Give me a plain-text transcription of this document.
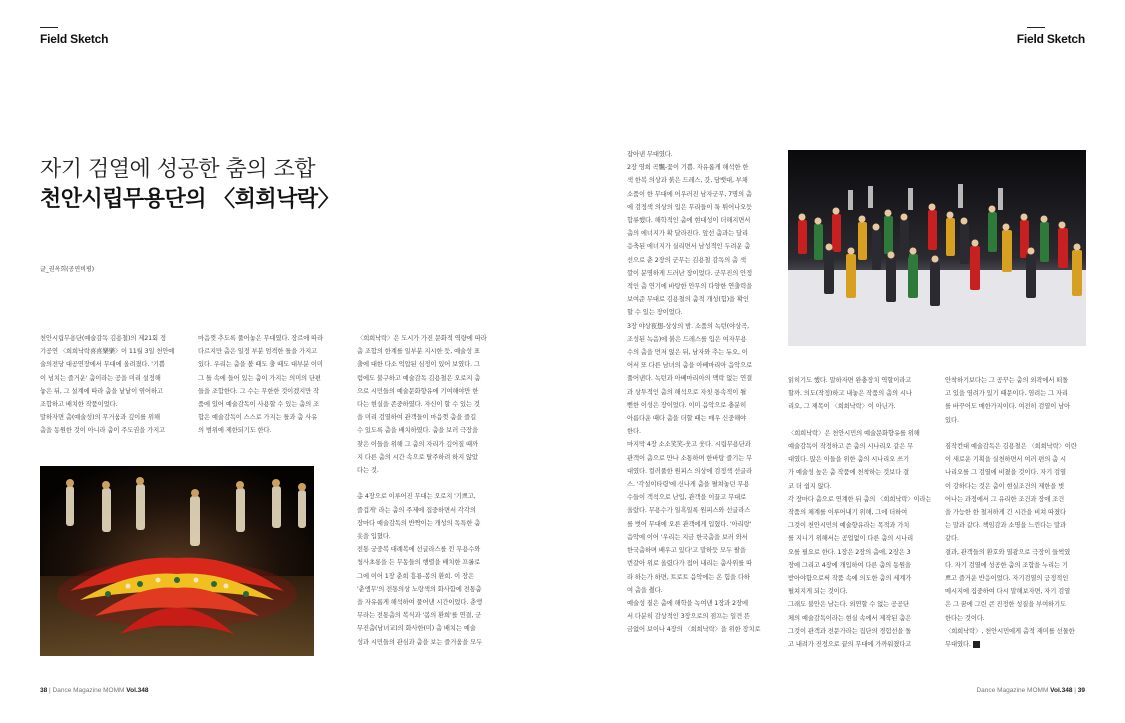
Field Sketch	Field Sketch
자기 검열에 성공한 춤의 조합
천안시립무용단의 〈희희낙락〉
글_권옥희(공연비평)

천안시립무용단(예술감독 김용철)의 제21회 정

기공연 〈희희낙락喜喜樂樂〉이 11월 3일 천안예

술의전당 대공연장에서 무대에 올려졌다. '기쁨

이 넘치는 즐거운' 춤이라는 공을 미리 설정해

놓은 뒤, 그 설계에 따라 춤을 낱낱이 엮어하고

조합하고 배치한 작품이었다.

말하자면 춤(예술성)의 무거움과 깊이를 위해

춤을 동원한 것이 아니라 춤이 주도권을 가지고

마음껏 추도록 풀어놓은 무대였다. 장르에 따라

다르지만 춤은 일정 부분 엄격한 틀을 가지고

있다. 우리는 춤을 볼 때도 출 때도 대부분 이미

그 틀 속에 들어 있는 춤이 가지는 의미의 단편

들을 조합한다. 그 수는 무한한 것이겠지만 작

품에 있어 예술감독이 사용할 수 있는 춤의 조

합은 예술감독이 스스로 가지는 틀과 춤 사유

의 범위에 제한되기도 한다.

〈희희낙락〉은 도시가 가진 문화적 역량에 따라

춤 조합의 한계를 일부분 지시한 듯, 예술성 표

출에 대한 다소 억압된 심정이 있어 보였다. 그

럼에도 불구하고 예술감독 김용철은 오로지 춤

으로 시민들의 예술문화향유에 기여해야만 한

다는 현실을 존중하였다. 자신이 할 수 있는 것

을 미리 검열하여 관객들이 마음껏 춤을 즐길

수 있도록 춤을 배치하였다. 춤을 보러 극장을

찾은 이들을 위해 그 춤의 자리가 깊어질 때까

지 다른 춤의 시간 속으로 탈주하려 하지 않았

다는 것.

총 4장으로 이루어진 무대는 오로지 '기쁘고,

즐겁게' 라는 춤의 주제에 집중하면서 각각의

장마다 예술감독의 반짝이는 개성의 독특한 춤

옷을 입혔다.

전통 궁중복 대례복에 선글라스를 낀 무용수와

청사초롱을 든 무동들의 행렬을 배치한 프롤로

그에 이어 1장 춘희 흥룡-봉의 환희. 이 장은

'춘앵무'의 전통의상 노랑색의 화사함에 전통춤

을 자유롭게 해석하여 풀어낸 시간이었다. 춘앵

무라는 전통춤의 복식과 '봄의 환희'를 연결, 군

무진춤(남녀교)의 화사한(미) 춤 배치는 예술

성과 시민들의 관심과 춤을 보는 즐거움을 모두

잡아낸 무대였다.

2장 영희 곡飄-꽃이 기쁨. 자유롭게 해석한 한

색 한복 의상과 붉은 드레스, 갓, 담뱃대, 부채

소품이 한 무대에 어우러진 남자군무, 7명의 춤

에 검정색 의상의 입은 무리들이 툭 튀어나오듯

합류했다. 해학적인 춤에 현대성이 더해지면서

춤의 에너지가 확 달라진다. 앞선 춤과는 달리

응축된 에너지가 실리면서 남성적인 두려운 춤

선으로 춘 2장의 군무는 김용철 감독의 춤 색

깔이 분명하게 드러난 장이었다. 군무진의 안정

적인 춤 연기에 바탕한 안무의 다양한 연출력을

보여준 무대로 김용철의 춤적 개성(힘)을 확인

할 수 있는 장이었다.

3장 야상夜想-상상의 밤. 소품의 녹턴(야상곡,

조성된 녹음)에 붉은 드레스를 입은 여자무용

수의 춤을 먼저 얹은 뒤, 남자와 추는 듀오, 이

어서 또 다른 남녀의 춤을 아베마리아 음악으로

풀어낸다. 녹턴과 아베마리아의 맥락 없는 연결

과 상투적인 춤의 해석으로 자칫 통속적이 될

뻔한 이성은 장이었다. 이미 음악으로 충분히

아름다운 때다 춤을 더할 때는 매우 신중해야

한다.

마지막 4장 소소笑笑-웃고 웃다. 시립무용단과

관객이 춤으로 만나 소통하며 한바탕 즐기는 무

대였다. 컬러풀한 원피스 의상에 검정색 선글라

스. '각설이타령'에 신나게 춤을 펼쳐놓던 무용

수들이 객석으로 난입, 관객을 이끌고 무대로

올랐다. 무용수가 일흑일록 원피스와 선글라스

를 벗어 무대에 오른 관객에게 입혔다. '아리랑'

음악에 이어 '우리는 지금 한국춤을 보러 와서

한국춤하며 배우고 있다'고 말하듯 모두 팔을

번갈아 위로 올렸다가 접어 내리는 춤사위를 따

라 하는가 하면, 트로트 음악에는 온 힘을 다하

여 춤을 췄다.

예술성 짙은 춤에 해학을 녹여낸 1장과 2장에

서 다분히 감상적인 3장으로의 점프는 일견 뜬

금없어 보이나 4장의 〈희희낙락〉을 위한 장치로

읽히기도 했다. 말하자면 완충장치 역할이라고

할까. 의도(작정)하고 내놓은 작품의 춤의 시나

리오, 그 제목이 〈희희낙락〉이 아닌가.

〈희희낙락〉은 천안시민의 예술문화향유를 위해

예술감독이 작정하고 쓴 춤의 시나리오 같은 무

대였다. 많은 이들을 위한 춤의 시나리오 쓰기

가 예술성 높은 춤 작품에 천착하는 것보다 결

코 더 쉽지 않다.

각 장마다 춤으로 연계한 뒤 춤의 〈희희낙락〉이라는

작품의 체계를 이루어내기 위해, 그에 더하여

그것이 천안시민의 예술향유라는 목적과 가치

를 지니기 위해서는 공업없이 다른 춤의 시나리

오를 필요로 한다. 1장은 2장의 춤에, 2장은 3

장에 그리고 4장에 개입하여 다른 춤의 동원을

받아야함으로써 작품 속에 의도한 춤의 세계가

펼쳐지게 되는 것이다.

그래도 불안은 남는다. 외연할 수 없는 공공단

체의 예술감독이라는 현실 속에서 제작된 춤은

그것이 관객과 전문가라는 집단의 경험선을 돌

고 내려가 진정으로 끝의 무대에 가까워졌다고

안착하기보다는 그 공꾸는 춤의 외곽에서 떠돌

고 있을 염려가 있기 때문이다. 염려는 그 자리

를 바꾸어도 매한가지이다. 여전히 검열이 남아

있다.

짐작컨대 예술감독은 김용철은 〈희희낙락〉이란

이 새로운 기획을 실천하면서 여러 편의 춤 시

나리오를 그 검열에 비쳤을 것이다. 자기 검열

이 강하다는 것은 춤이 현실조건의 제한을 벗

어나는 과정에서 그 유리한 조건과 장애 조건

을 가능한 한 철저하게 긴 시간을 비쳐 따졌다

는 말과 같다. 책임감과 소명을 느낀다는 말과

같다.

결과, 관객들의 환호와 열광으로 극장이 들썩였

다. 자기 검열에 성공한 춤의 조합을 누리는 기

쁘고 즐거운 반응이었다. 자기검열의 긍정적인

메시지에 집중하여 다시 말해보자면, 자기 검열

은 그 꿈에 그린 큰 진정한 성질을 부여하기도

한다는 것이다.

〈희희낙락〉, 천안시민에게 춤적 재미를 선물한

무대였다.

38 | Dance Magazine MOMM Vol.348	Dance Magazine MOMM Vol.348 | 39
